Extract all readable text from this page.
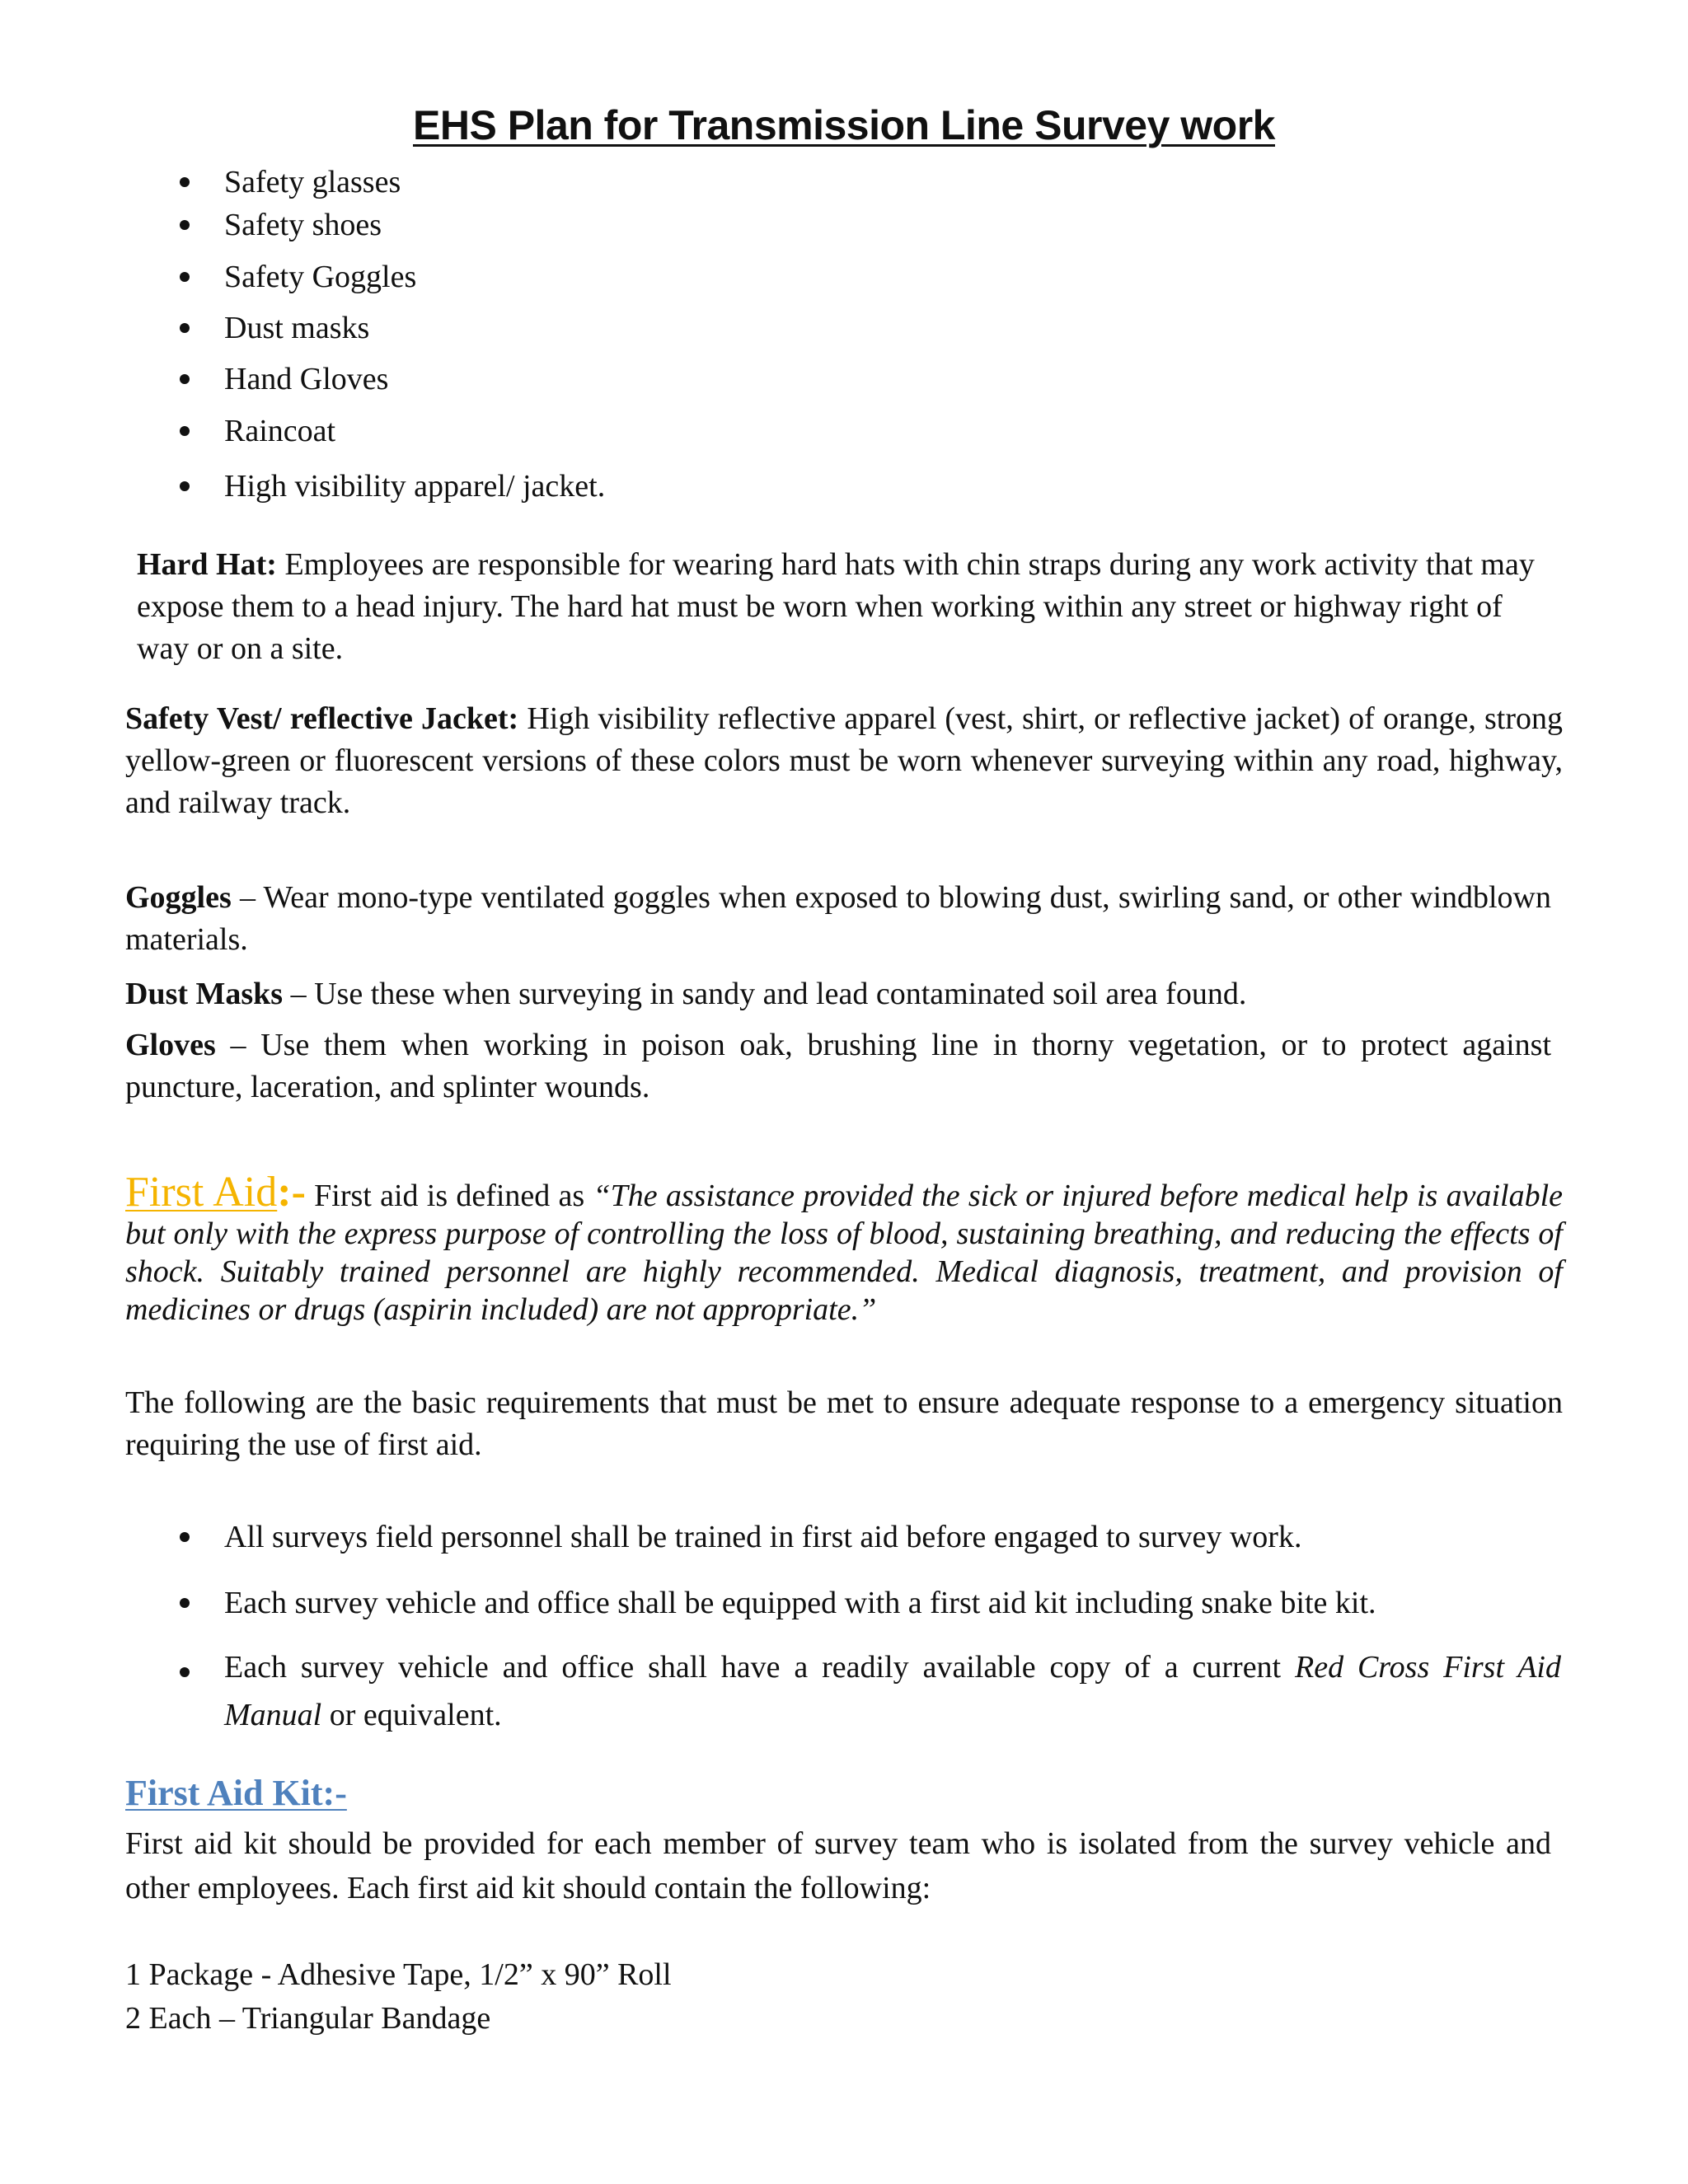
EHS Plan for Transmission Line Survey work
Safety glasses
Safety shoes
Safety Goggles
Dust masks
Hand Gloves
Raincoat
High visibility apparel/ jacket.
Hard Hat: Employees are responsible for wearing hard hats with chin straps during any work activity that may expose them to a head injury. The hard hat must be worn when working within any street or highway right of way or on a site.
Safety Vest/ reflective Jacket: High visibility reflective apparel (vest, shirt, or reflective jacket) of orange, strong yellow-green or fluorescent versions of these colors must be worn whenever surveying within any road, highway, and railway track.
Goggles – Wear mono-type ventilated goggles when exposed to blowing dust, swirling sand, or other windblown materials.
Dust Masks – Use these when surveying in sandy and lead contaminated soil area found.
Gloves – Use them when working in poison oak, brushing line in thorny vegetation, or to protect against puncture, laceration, and splinter wounds.
First Aid:- First aid is defined as “The assistance provided the sick or injured before medical help is available but only with the express purpose of controlling the loss of blood, sustaining breathing, and reducing the effects of shock. Suitably trained personnel are highly recommended. Medical diagnosis, treatment, and provision of medicines or drugs (aspirin included) are not appropriate.”
The following are the basic requirements that must be met to ensure adequate response to a emergency situation requiring the use of first aid.
All surveys field personnel shall be trained in first aid before engaged to survey work.
Each survey vehicle and office shall be equipped with a first aid kit including snake bite kit.
Each survey vehicle and office shall have a readily available copy of a current Red Cross First Aid Manual or equivalent.
First Aid Kit:-
First aid kit should be provided for each member of survey team who is isolated from the survey vehicle and other employees. Each first aid kit should contain the following:
1 Package - Adhesive Tape, 1/2” x 90” Roll
2 Each – Triangular Bandage
